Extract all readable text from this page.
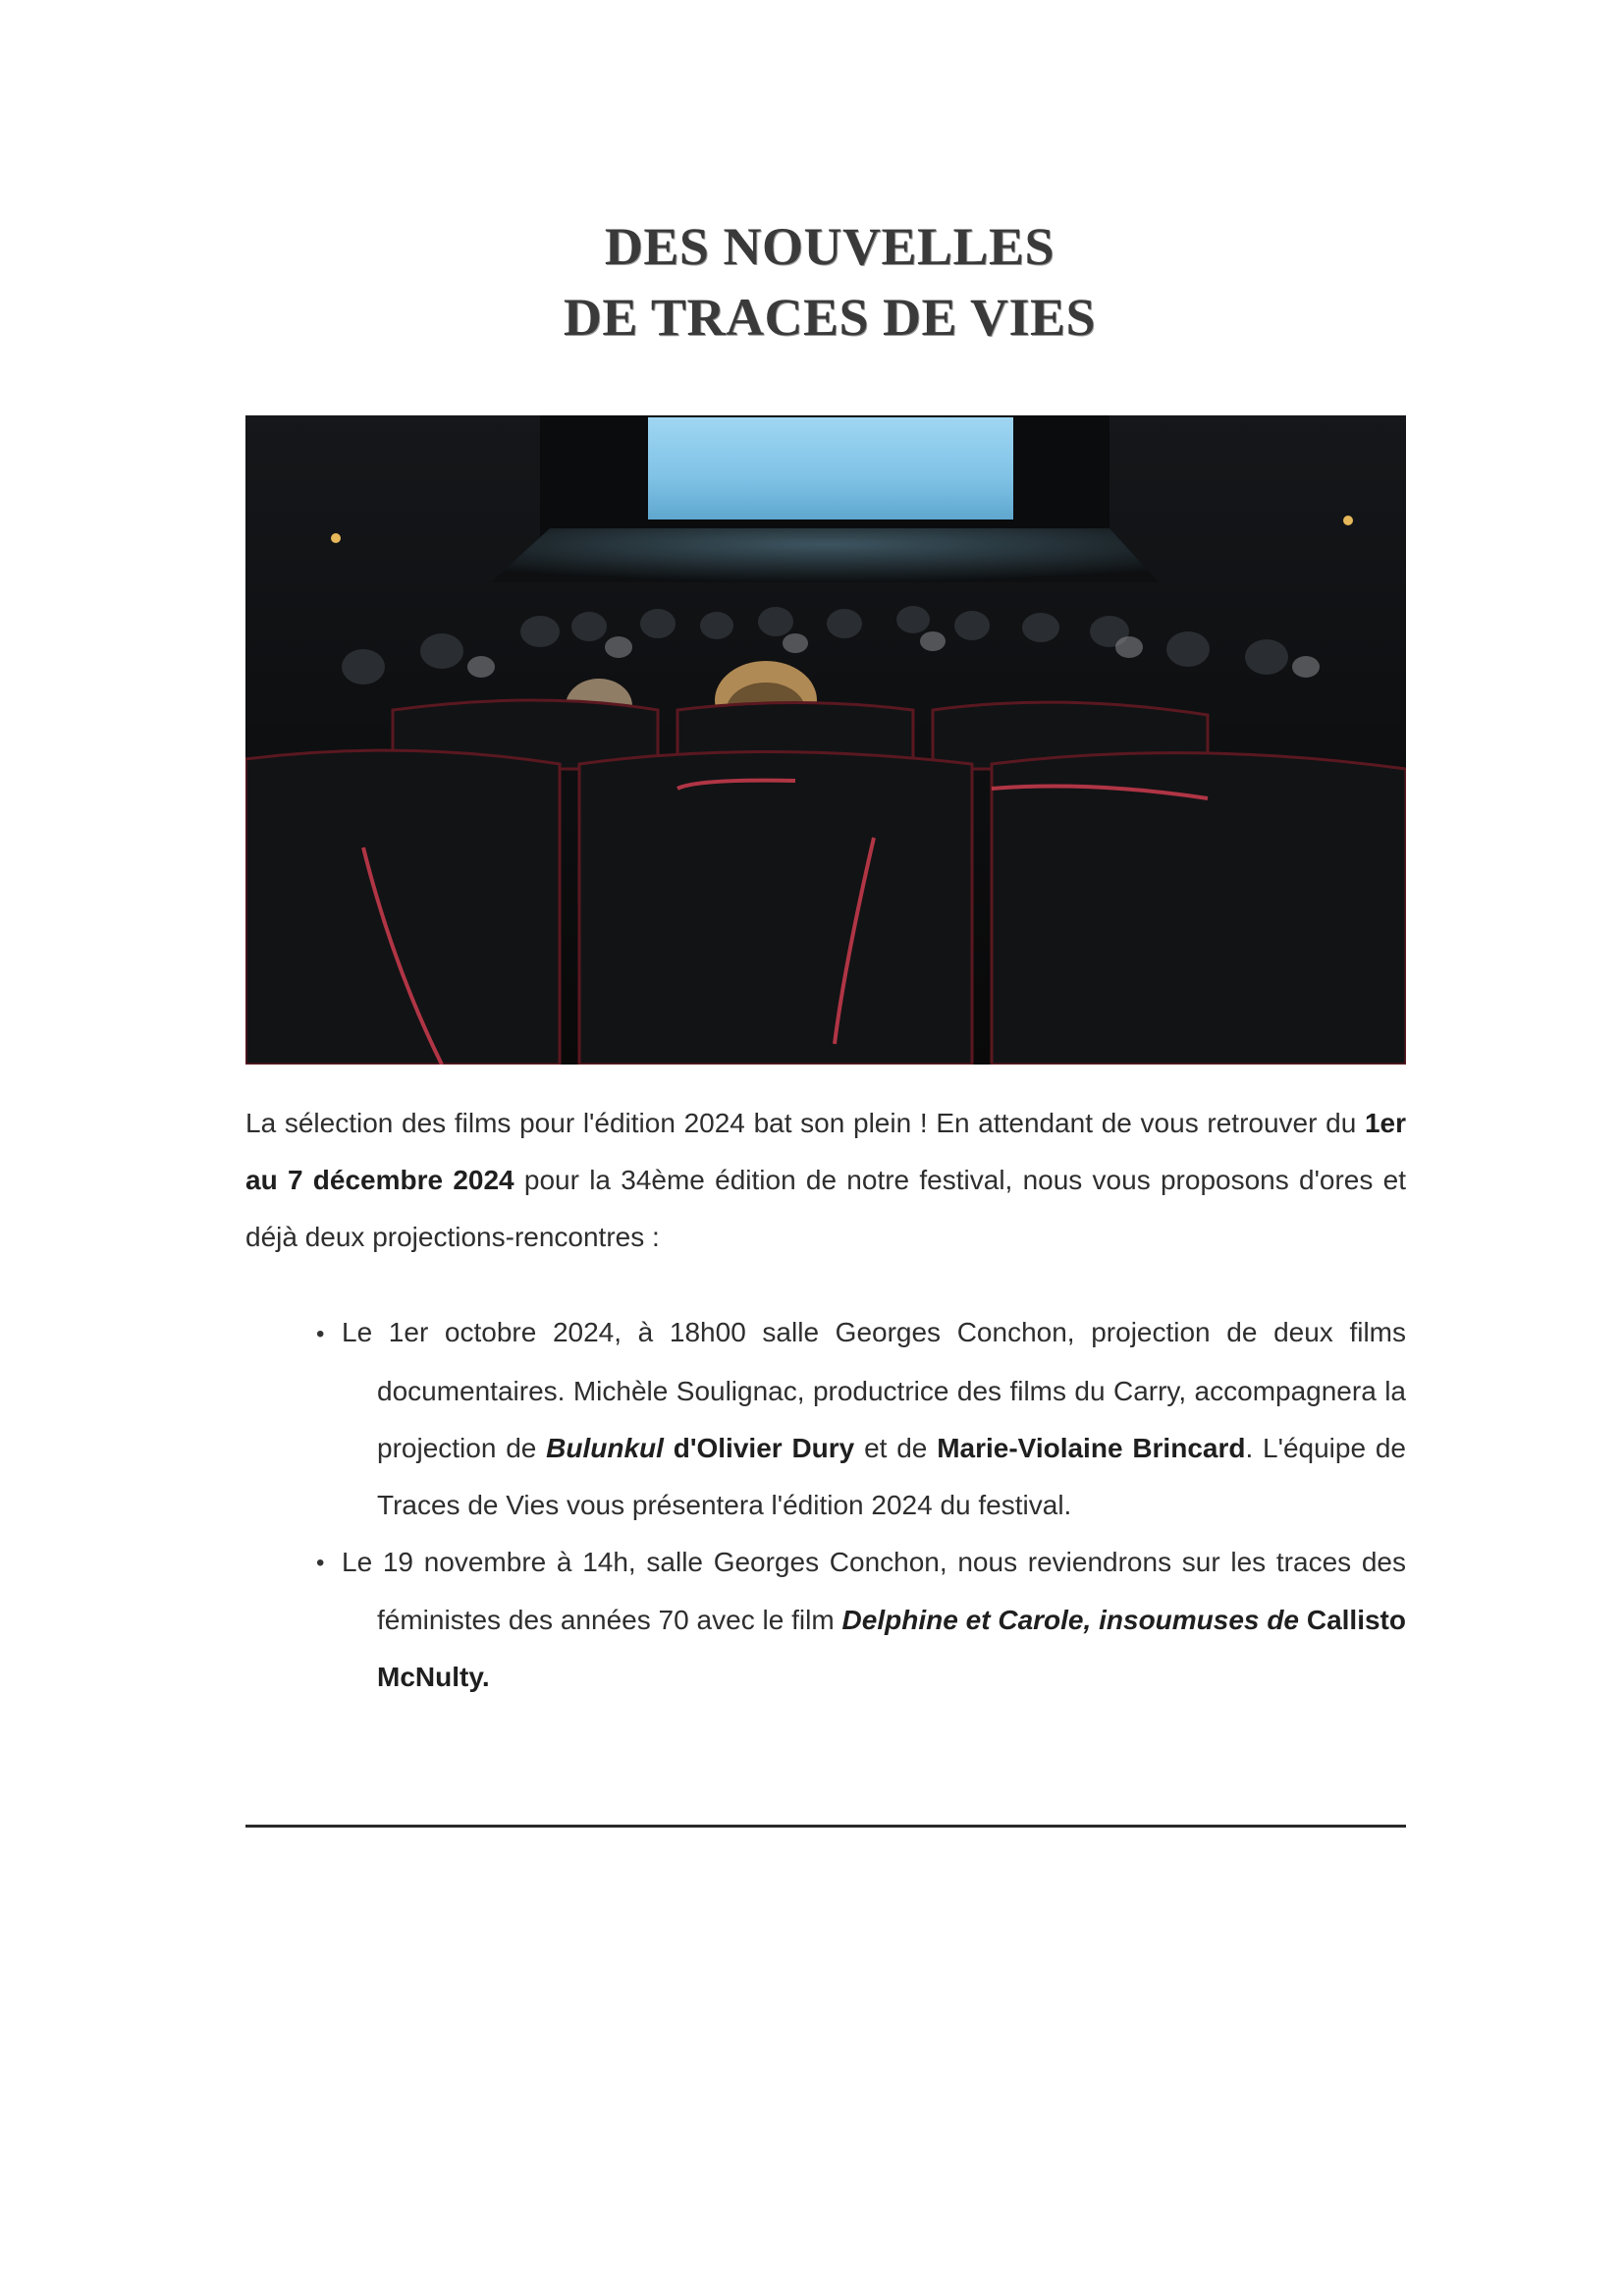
DES NOUVELLES
DE TRACES DE VIES

La sélection des films pour l'édition 2024 bat son plein ! En attendant de vous retrouver du 1er au 7 décembre 2024 pour la 34ème édition de notre festival, nous vous proposons d'ores et déjà deux projections-rencontres :

• Le 1er octobre 2024, à 18h00 salle Georges Conchon, projection de deux films documentaires. Michèle Soulignac, productrice des films du Carry, accompagnera la projection de Bulunkul d'Olivier Dury et de Marie-Violaine Brincard. L'équipe de Traces de Vies vous présentera l'édition 2024 du festival.
• Le 19 novembre à 14h, salle Georges Conchon, nous reviendrons sur les traces des féministes des années 70 avec le film Delphine et Carole, insoumuses de Callisto McNulty.
